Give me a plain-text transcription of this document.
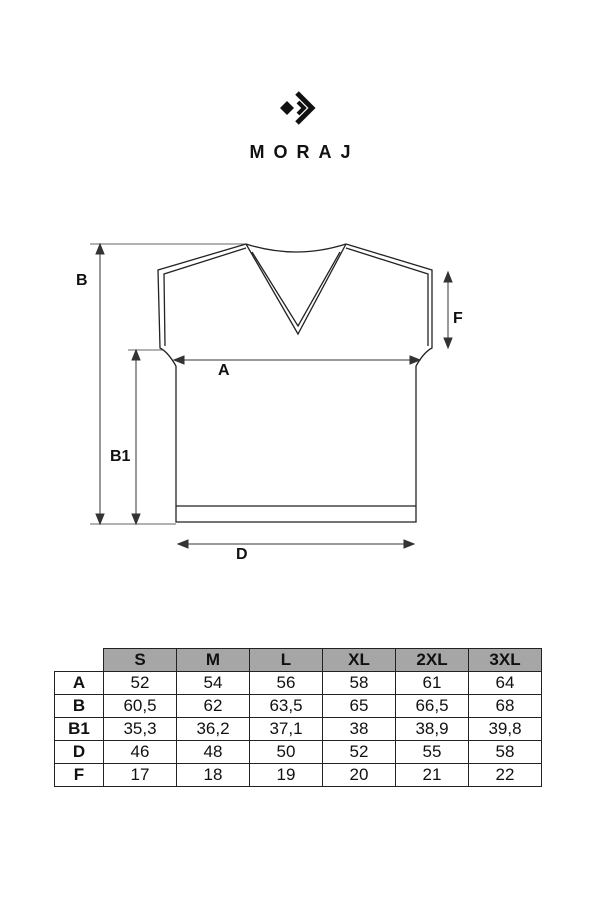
MORAJ
B
F
A
B1
D
	S	M	L	XL	2XL	3XL
A	52	54	56	58	61	64
B	60,5	62	63,5	65	66,5	68
B1	35,3	36,2	37,1	38	38,9	39,8
D	46	48	50	52	55	58
F	17	18	19	20	21	22
